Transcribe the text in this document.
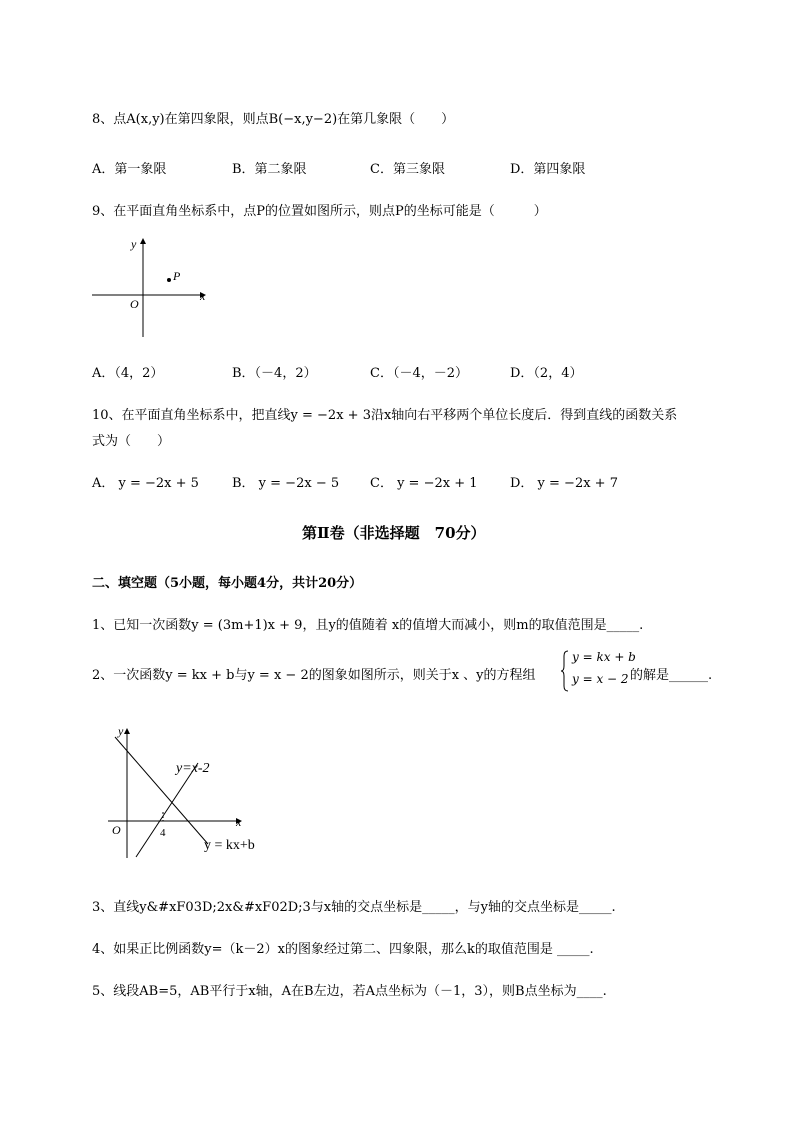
8、点A(x,y)在第四象限，则点B(−x,y−2)在第几象限（　　）
A．第一象限	B．第二象限	C．第三象限	D．第四象限
9、在平面直角坐标系中，点P的位置如图所示，则点P的坐标可能是（　　　）
y
x
O
P
A．（4，2）	B．（－4，2）	C．（－4，－2）	D．（2，4）
10、在平面直角坐标系中，把直线y = −2x + 3沿x轴向右平移两个单位长度后．得到直线的函数关系
式为（　　）
A． y = −2x + 5	B． y = −2x − 5 C． y = −2x + 1 D． y = −2x + 7
第Ⅱ卷（非选择题　70分）
二、填空题（5小题，每小题4分，共计20分）
1、已知一次函数y = (3m+1)x + 9，且y的值随着 x的值增大而减小，则m的取值范围是_____.
2、一次函数y = kx + b与y = x − 2的图象如图所示，则关于x 、y的方程组
y = kx + b
y = x − 2 的解是______.
y
x
O	4
y=x-2
y = kx+b
3、直线y&#xF03D;2x&#xF02D;3与x轴的交点坐标是_____，与y轴的交点坐标是_____.
4、如果正比例函数y=（k－2）x的图象经过第二、四象限，那么k的取值范围是 _____.
5、线段AB=5，AB平行于x轴，A在B左边，若A点坐标为（－1，3），则B点坐标为____.
